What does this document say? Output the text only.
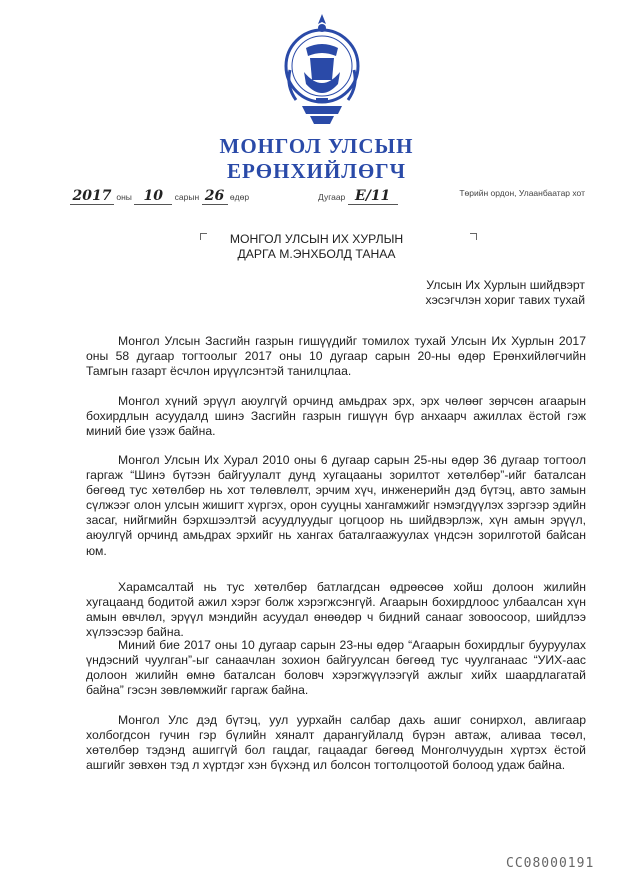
МОНГОЛ УЛСЫН
ЕРӨНХИЙЛӨГЧ
2017 оны 10 сарын 26 өдөр	Дугаар Е/11	Төрийн ордон, Улаанбаатар хот
МОНГОЛ УЛСЫН ИХ ХУРЛЫН
ДАРГА М.ЭНХБОЛД ТАНАА
Улсын Их Хурлын шийдвэрт
хэсэгчлэн хориг тавих тухай
Монгол Улсын Засгийн газрын гишүүдийг томилох тухай Улсын Их Хурлын 2017 оны 58 дугаар тогтоолыг 2017 оны 10 дугаар сарын 20-ны өдөр Ерөнхийлөгчийн Тамгын газарт ёсчлон ирүүлсэнтэй танилцлаа.
Монгол хүний эрүүл аюулгүй орчинд амьдрах эрх, эрх чөлөөг зөрчсөн агаарын бохирдлын асуудалд шинэ Засгийн газрын гишүүн бүр анхаарч ажиллах ёстой гэж миний бие үзэж байна.
Монгол Улсын Их Хурал 2010 оны 6 дугаар сарын 25-ны өдөр 36 дугаар тогтоол гаргаж “Шинэ бүтээн байгуулалт дунд хугацааны зорилтот хөтөлбөр”-ийг баталсан бөгөөд тус хөтөлбөр нь хот төлөвлөлт, эрчим хүч, инженерийн дэд бүтэц, авто замын сүлжээг олон улсын жишигт хүргэх, орон сууцны хангамжийг нэмэгдүүлэх зэргээр эдийн засаг, нийгмийн бэрхшээлтэй асуудлуудыг цогцоор нь шийдвэрлэж, хүн амын эрүүл, аюулгүй орчинд амьдрах эрхийг нь хангах баталгаажуулах үндсэн зорилготой байсан юм.
Харамсалтай нь тус хөтөлбөр батлагдсан өдрөөсөө хойш долоон жилийн хугацаанд бодитой ажил хэрэг болж хэрэгжсэнгүй. Агаарын бохирдлоос улбаалсан хүн амын өвчлөл, эрүүл мэндийн асуудал өнөөдөр ч бидний санааг зовоосоор, шийдлээ хүлээсээр байна.
Миний бие 2017 оны 10 дугаар сарын 23-ны өдөр “Агаарын бохирдлыг бууруулах үндэсний чуулган”-ыг санаачлан зохион байгуулсан бөгөөд тус чуулганаас “УИХ-аас долоон жилийн өмнө баталсан боловч хэрэгжүүлээгүй ажлыг хийх шаардлагатай байна” гэсэн зөвлөмжийг гаргаж байна.
Монгол Улс дэд бүтэц, уул уурхайн салбар дахь ашиг сонирхол, авлигаар холбогдсон гучин гэр бүлийн хяналт дарангуйлалд бүрэн автаж, аливаа төсөл, хөтөлбөр тэдэнд ашиггүй бол гацдаг, гацаадаг бөгөөд Монголчуудын хүртэх ёстой ашгийг зөвхөн тэд л хүртдэг хэн бүхэнд ил болсон тогтолцоотой болоод удаж байна.
СС08000191
